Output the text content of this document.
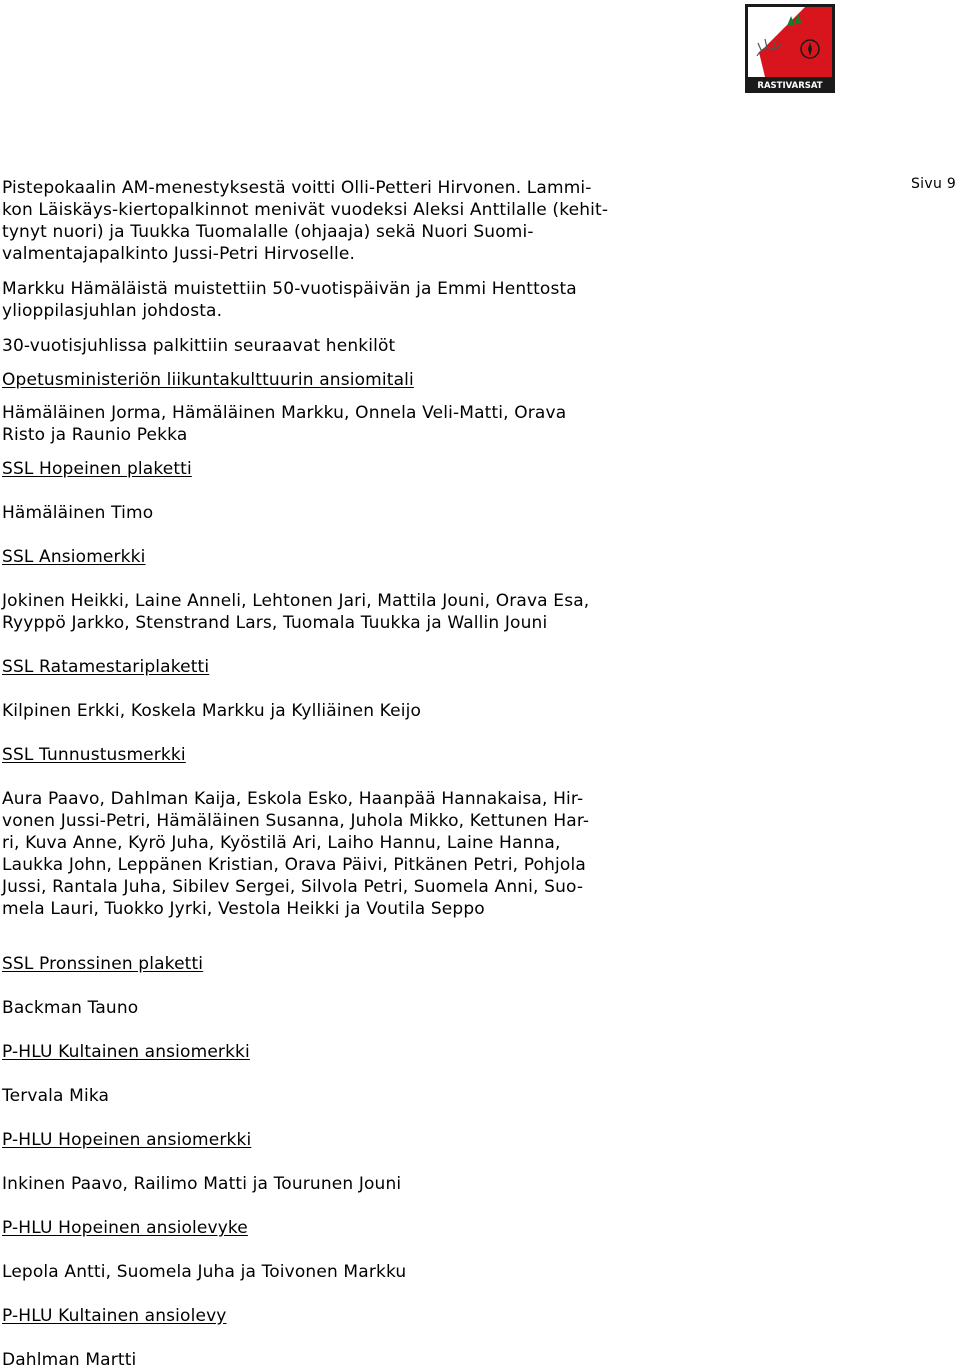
RASTIVARSAT
Sivu 9

Pistepokaalin AM-menestyksestä voitti Olli-Petteri Hirvonen. Lammi-
kon Läiskäys-kiertopalkinnot menivät vuodeksi Aleksi Anttilalle (kehit-
tynyt nuori) ja Tuukka Tuomalalle (ohjaaja) sekä Nuori Suomi-
valmentajapalkinto Jussi-Petri Hirvoselle.

Markku Hämäläistä muistettiin 50-vuotispäivän ja Emmi Henttosta
ylioppilasjuhlan johdosta.

30-vuotisjuhlissa palkittiin seuraavat henkilöt

Opetusministeriön liikuntakulttuurin ansiomitali

Hämäläinen Jorma, Hämäläinen Markku, Onnela Veli-Matti, Orava
Risto ja Raunio Pekka

SSL Hopeinen plaketti

Hämäläinen Timo

SSL Ansiomerkki

Jokinen Heikki, Laine Anneli, Lehtonen Jari, Mattila Jouni, Orava Esa,
Ryyppö Jarkko, Stenstrand Lars, Tuomala Tuukka ja Wallin Jouni

SSL Ratamestariplaketti

Kilpinen Erkki, Koskela Markku ja Kylliäinen Keijo

SSL Tunnustusmerkki

Aura Paavo, Dahlman Kaija, Eskola Esko, Haanpää Hannakaisa, Hir-
vonen Jussi-Petri, Hämäläinen Susanna, Juhola Mikko, Kettunen Har-
ri, Kuva Anne, Kyrö Juha, Kyöstilä Ari, Laiho Hannu, Laine Hanna,
Laukka John, Leppänen Kristian, Orava Päivi, Pitkänen Petri, Pohjola
Jussi, Rantala Juha, Sibilev Sergei, Silvola Petri, Suomela Anni, Suo-
mela Lauri, Tuokko Jyrki, Vestola Heikki ja Voutila Seppo

SSL Pronssinen plaketti

Backman Tauno

P-HLU Kultainen ansiomerkki

Tervala Mika

P-HLU Hopeinen ansiomerkki

Inkinen Paavo, Railimo Matti ja Tourunen Jouni

P-HLU Hopeinen ansiolevyke

Lepola Antti, Suomela Juha ja Toivonen Markku

P-HLU Kultainen ansiolevy

Dahlman Martti
